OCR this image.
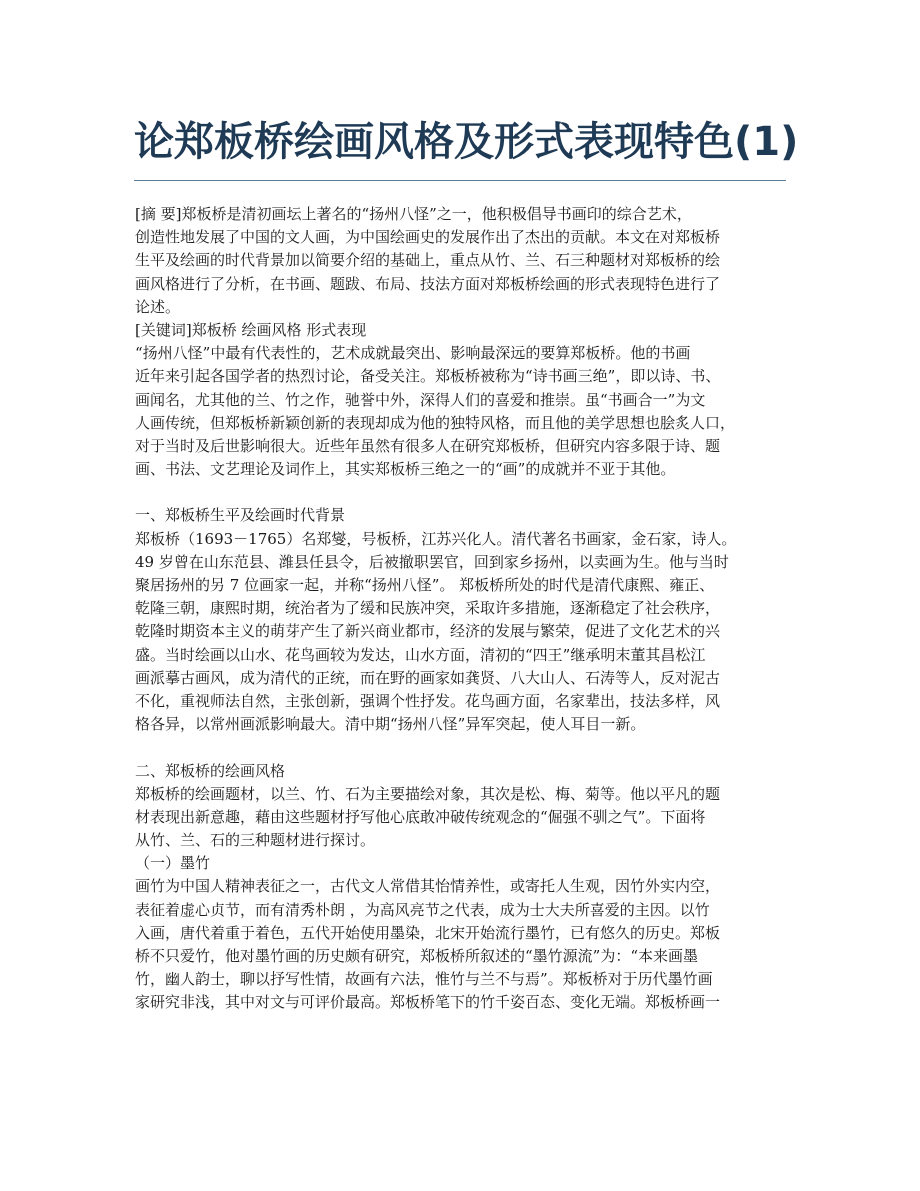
论郑板桥绘画风格及形式表现特色(1)
[摘 要]郑板桥是清初画坛上著名的“扬州八怪”之一，他积极倡导书画印的综合艺术，
创造性地发展了中国的文人画，为中国绘画史的发展作出了杰出的贡献。本文在对郑板桥
生平及绘画的时代背景加以简要介绍的基础上，重点从竹、兰、石三种题材对郑板桥的绘
画风格进行了分析，在书画、题跋、布局、技法方面对郑板桥绘画的形式表现特色进行了
论述。
[关键词]郑板桥 绘画风格 形式表现
“扬州八怪”中最有代表性的，艺术成就最突出、影响最深远的要算郑板桥。他的书画
近年来引起各国学者的热烈讨论，备受关注。郑板桥被称为“诗书画三绝”，即以诗、书、
画闻名，尤其他的兰、竹之作，驰誉中外，深得人们的喜爱和推崇。虽“书画合一”为文
人画传统，但郑板桥新颖创新的表现却成为他的独特风格，而且他的美学思想也脍炙人口，
对于当时及后世影响很大。近些年虽然有很多人在研究郑板桥，但研究内容多限于诗、题
画、书法、文艺理论及词作上，其实郑板桥三绝之一的“画”的成就并不亚于其他。
一、郑板桥生平及绘画时代背景
郑板桥（1693－1765）名郑燮，号板桥，江苏兴化人。清代著名书画家，金石家，诗人。
49 岁曾在山东范县、潍县任县令，后被撤职罢官，回到家乡扬州，以卖画为生。他与当时
聚居扬州的另 7 位画家一起，并称“扬州八怪”。 郑板桥所处的时代是清代康熙、雍正、
乾隆三朝，康熙时期，统治者为了缓和民族冲突，采取许多措施，逐渐稳定了社会秩序，
乾隆时期资本主义的萌芽产生了新兴商业都市，经济的发展与繁荣，促进了文化艺术的兴
盛。当时绘画以山水、花鸟画较为发达，山水方面，清初的“四王”继承明末董其昌松江
画派摹古画风，成为清代的正统，而在野的画家如龚贤、八大山人、石涛等人，反对泥古
不化，重视师法自然，主张创新，强调个性抒发。花鸟画方面，名家辈出，技法多样，风
格各异，以常州画派影响最大。清中期“扬州八怪”异军突起，使人耳目一新。
二、郑板桥的绘画风格
郑板桥的绘画题材，以兰、竹、石为主要描绘对象，其次是松、梅、菊等。他以平凡的题
材表现出新意趣，藉由这些题材抒写他心底敢冲破传统观念的“倔强不驯之气”。下面将
从竹、兰、石的三种题材进行探讨。
（一）墨竹
画竹为中国人精神表征之一，古代文人常借其怡情养性，或寄托人生观，因竹外实内空，
表征着虚心贞节，而有清秀朴朗 ，为高风亮节之代表，成为士大夫所喜爱的主因。以竹
入画，唐代着重于着色，五代开始使用墨染，北宋开始流行墨竹，已有悠久的历史。郑板
桥不只爱竹，他对墨竹画的历史颇有研究，郑板桥所叙述的“墨竹源流”为：“本来画墨
竹，幽人韵士，聊以抒写性情，故画有六法，惟竹与兰不与焉”。郑板桥对于历代墨竹画
家研究非浅，其中对文与可评价最高。郑板桥笔下的竹千姿百态、变化无端。郑板桥画一
